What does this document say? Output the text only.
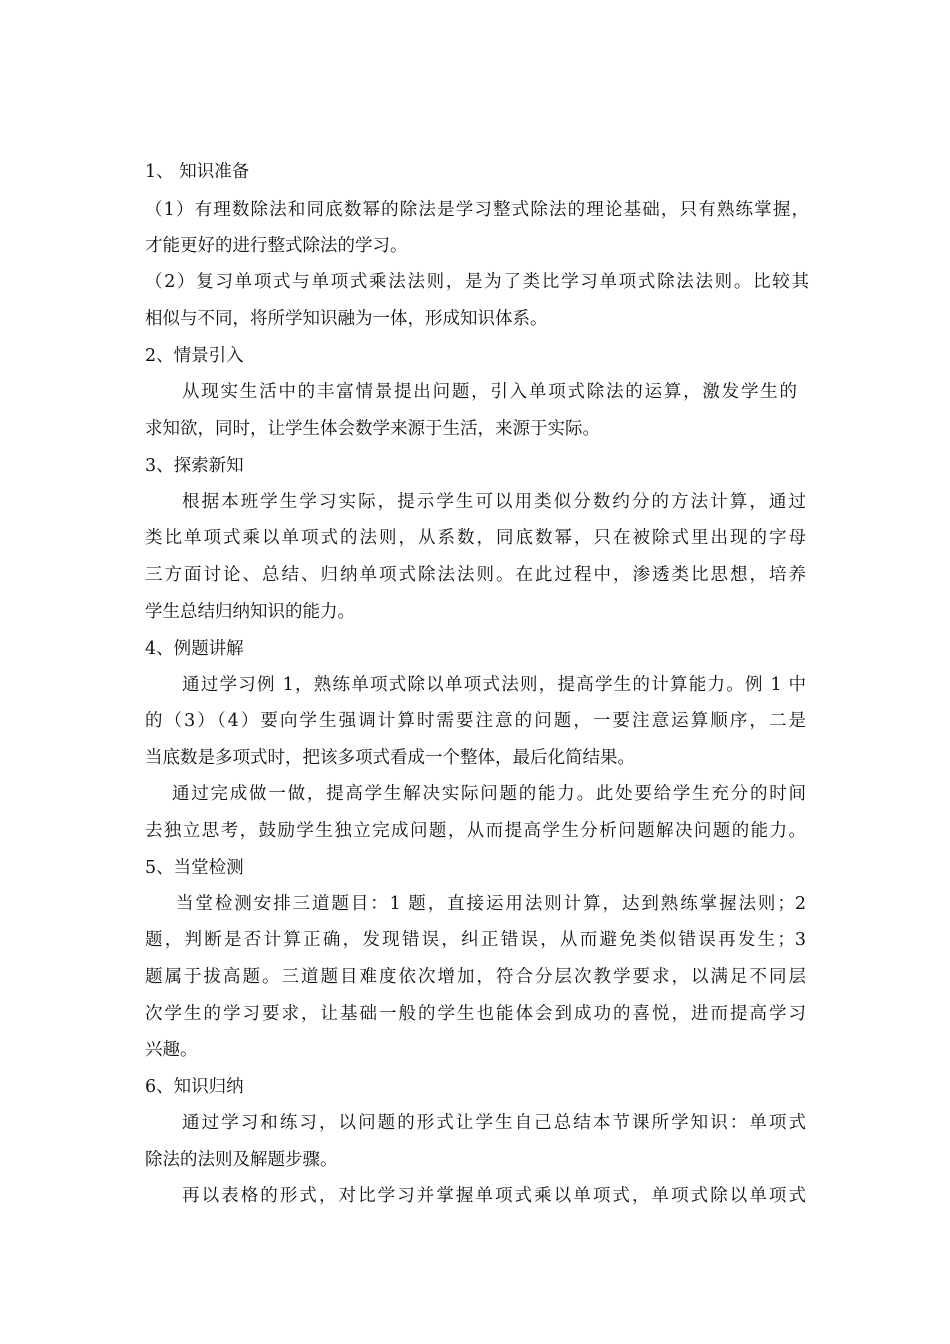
1、 知识准备
（1）有理数除法和同底数幂的除法是学习整式除法的理论基础，只有熟练掌握，
才能更好的进行整式除法的学习。
（2）复习单项式与单项式乘法法则，是为了类比学习单项式除法法则。比较其
相似与不同，将所学知识融为一体，形成知识体系。
2、情景引入
从现实生活中的丰富情景提出问题，引入单项式除法的运算，激发学生的
求知欲，同时，让学生体会数学来源于生活，来源于实际。
3、探索新知
根据本班学生学习实际，提示学生可以用类似分数约分的方法计算，通过
类比单项式乘以单项式的法则，从系数，同底数幂，只在被除式里出现的字母
三方面讨论、总结、归纳单项式除法法则。在此过程中，渗透类比思想，培养
学生总结归纳知识的能力。
4、例题讲解
通过学习例 1，熟练单项式除以单项式法则，提高学生的计算能力。例 1 中
的（3）（4）要向学生强调计算时需要注意的问题，一要注意运算顺序，二是
当底数是多项式时，把该多项式看成一个整体，最后化简结果。
通过完成做一做，提高学生解决实际问题的能力。此处要给学生充分的时间
去独立思考，鼓励学生独立完成问题，从而提高学生分析问题解决问题的能力。
5、当堂检测
当堂检测安排三道题目：1 题，直接运用法则计算，达到熟练掌握法则；2
题，判断是否计算正确，发现错误，纠正错误，从而避免类似错误再发生；3
题属于拔高题。三道题目难度依次增加，符合分层次教学要求，以满足不同层
次学生的学习要求，让基础一般的学生也能体会到成功的喜悦，进而提高学习
兴趣。
6、知识归纳
通过学习和练习，以问题的形式让学生自己总结本节课所学知识：单项式
除法的法则及解题步骤。
再以表格的形式，对比学习并掌握单项式乘以单项式，单项式除以单项式
